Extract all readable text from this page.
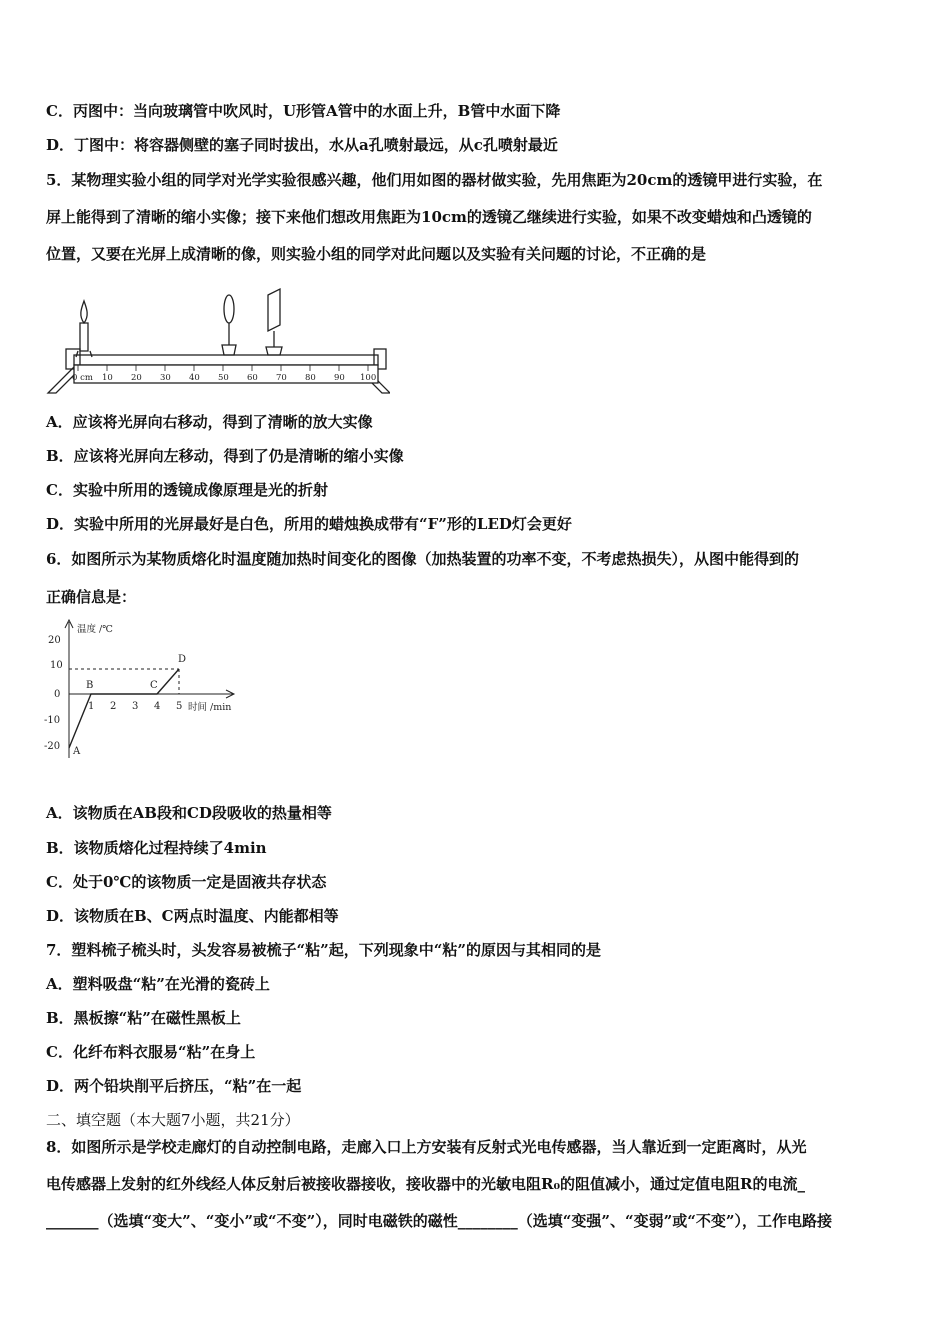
C．丙图中：当向玻璃管中吹风时，U形管A管中的水面上升，B管中水面下降
D．丁图中：将容器侧壁的塞子同时拔出，水从a孔喷射最远，从c孔喷射最近
5．某物理实验小组的同学对光学实验很感兴趣，他们用如图的器材做实验，先用焦距为20cm的透镜甲进行实验，在
屏上能得到了清晰的缩小实像；接下来他们想改用焦距为10cm的透镜乙继续进行实验，如果不改变蜡烛和凸透镜的
位置，又要在光屏上成清晰的像，则实验小组的同学对此问题以及实验有关问题的讨论，不正确的是
0 cm 10 20 30 40 50 60 70 80 90 100
A．应该将光屏向右移动，得到了清晰的放大实像
B．应该将光屏向左移动，得到了仍是清晰的缩小实像
C．实验中所用的透镜成像原理是光的折射
D．实验中所用的光屏最好是白色，所用的蜡烛换成带有“F”形的LED灯会更好
6．如图所示为某物质熔化时温度随加热时间变化的图像（加热装置的功率不变，不考虑热损失），从图中能得到的
正确信息是：
温度 /℃
20
10
0
-10
-20
1 2 3 4 5 时间 /min
A
B	C
D
A．该物质在AB段和CD段吸收的热量相等
B．该物质熔化过程持续了4min
C．处于0℃的该物质一定是固液共存状态
D．该物质在B、C两点时温度、内能都相等
7．塑料梳子梳头时，头发容易被梳子“粘”起，下列现象中“粘”的原因与其相同的是
A．塑料吸盘“粘”在光滑的瓷砖上
B．黑板擦“粘”在磁性黑板上
C．化纤布料衣服易“粘”在身上
D．两个铅块削平后挤压，“粘”在一起
二、填空题（本大题7小题，共21分）
8．如图所示是学校走廊灯的自动控制电路，走廊入口上方安装有反射式光电传感器，当人靠近到一定距离时，从光
电传感器上发射的红外线经人体反射后被接收器接收，接收器中的光敏电阻R₀的阻值减小，通过定值电阻R的电流_
_______（选填“变大”、“变小”或“不变”），同时电磁铁的磁性________（选填“变强”、“变弱”或“不变”），工作电路接
